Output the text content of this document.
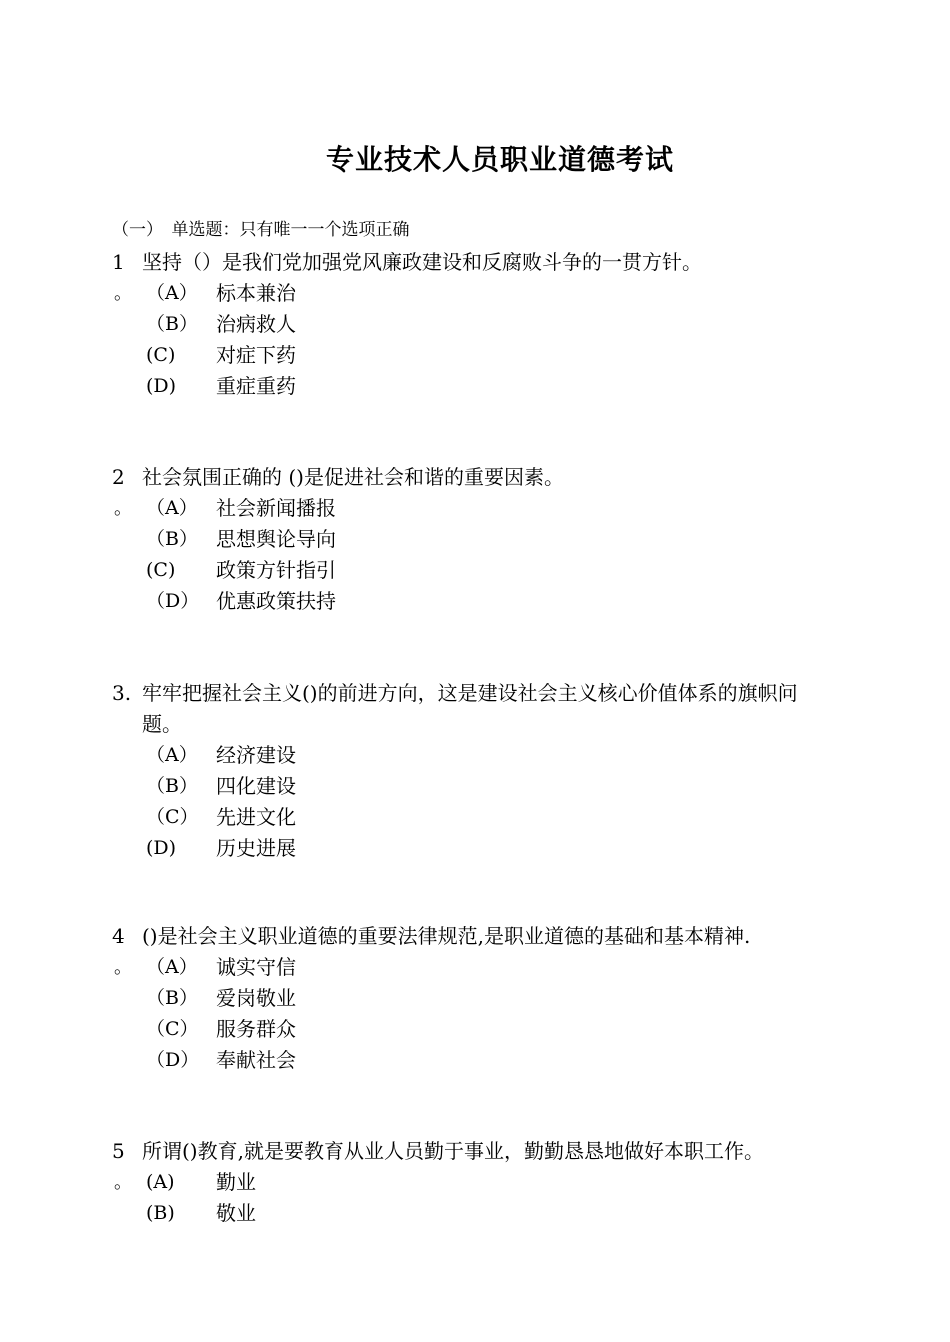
专业技术人员职业道德考试
（一）　单选题：只有唯一一个选项正确
1 坚持（）是我们党加强党风廉政建设和反腐败斗争的一贯方针。
。 （A） 标本兼治
（B） 治病救人
(C) 对症下药
(D) 重症重药
2 社会氛围正确的 ()是促进社会和谐的重要因素。
。 （A） 社会新闻播报
（B） 思想舆论导向
(C) 政策方针指引
（D） 优惠政策扶持
3. 牢牢把握社会主义()的前进方向，这是建设社会主义核心价值体系的旗帜问
题。
（A） 经济建设
（B） 四化建设
（C） 先进文化
(D) 历史进展
4 ()是社会主义职业道德的重要法律规范,是职业道德的基础和基本精神.
。 （A） 诚实守信
（B） 爱岗敬业
（C） 服务群众
（D） 奉献社会
5 所谓()教育,就是要教育从业人员勤于事业，勤勤恳恳地做好本职工作。
。 (A) 勤业
(B) 敬业
